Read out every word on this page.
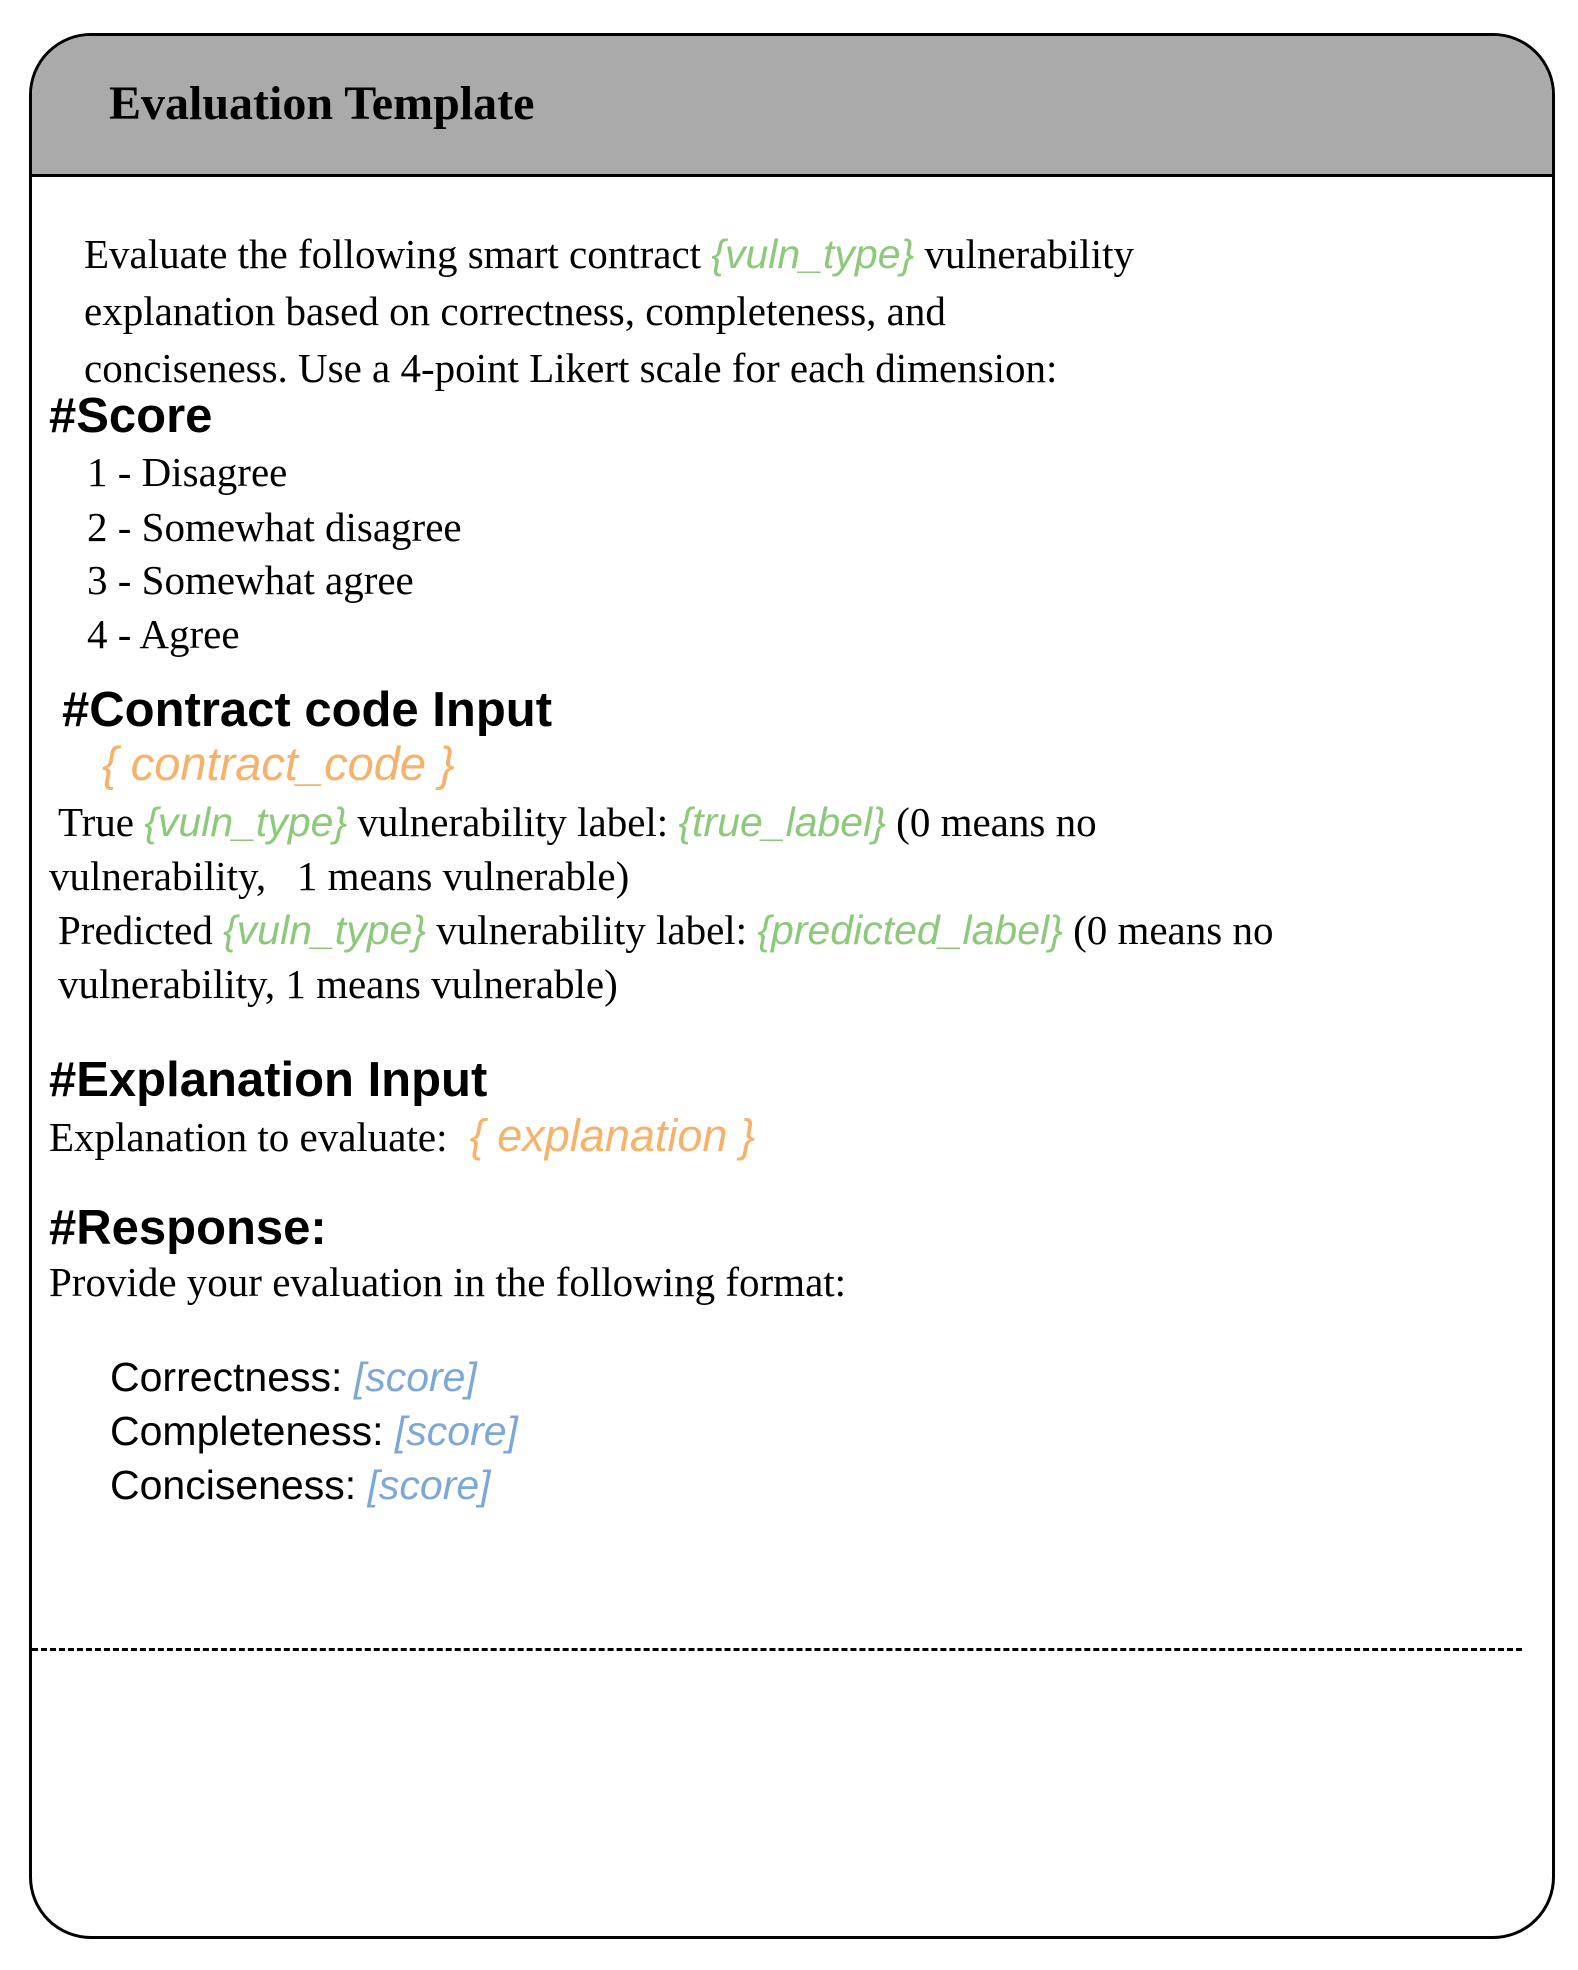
Evaluation Template
Evaluate the following smart contract {vuln_type} vulnerability
explanation based on correctness, completeness, and
conciseness. Use a 4-point Likert scale for each dimension:
#Score
1 - Disagree
2 - Somewhat disagree
3 - Somewhat agree
4 - Agree
#Contract code Input
{ contract_code }
True {vuln_type} vulnerability label: {true_label} (0 means no
vulnerability,   1 means vulnerable)
Predicted {vuln_type} vulnerability label: {predicted_label} (0 means no
vulnerability, 1 means vulnerable)
#Explanation Input
Explanation to evaluate: { explanation }
#Response:
Provide your evaluation in the following format:
Correctness: [score]
Completeness: [score]
Conciseness: [score]
